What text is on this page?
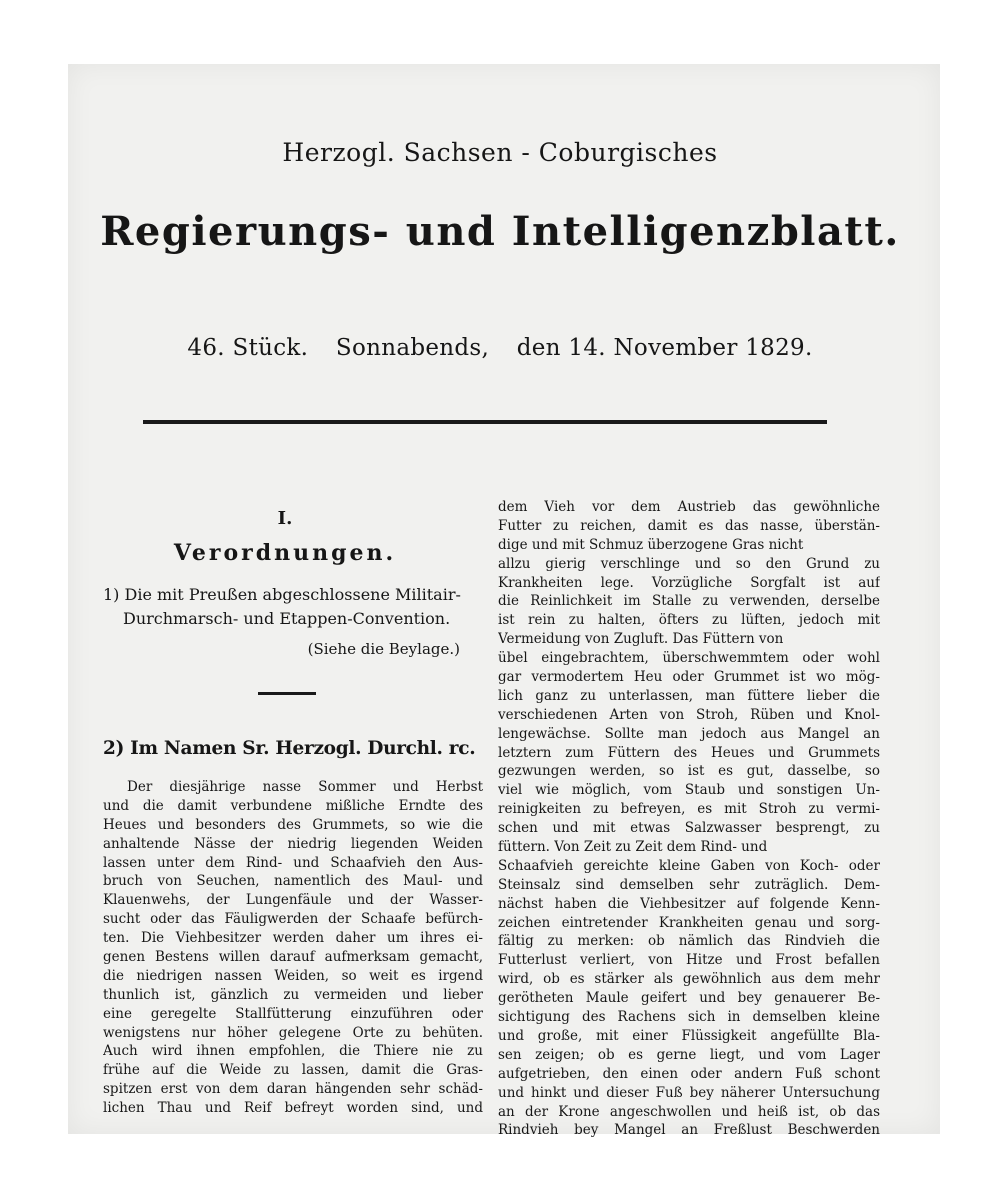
Herzogl. Sachsen - Coburgisches
Regierungs- und Intelligenzblatt.
46. Stück. Sonnabends, den 14. November 1829.
I.
Verordnungen.
1) Die mit Preußen abgeschlossene Militair-
Durchmarsch- und Etappen-Convention.
(Siehe die Beylage.)
2) Im Namen Sr. Herzogl. Durchl. rc.
Der diesjährige nasse Sommer und Herbst
und die damit verbundene mißliche Erndte des
Heues und besonders des Grummets, so wie die
anhaltende Nässe der niedrig liegenden Weiden
lassen unter dem Rind- und Schaafvieh den Aus-
bruch von Seuchen, namentlich des Maul- und
Klauenwehs, der Lungenfäule und der Wasser-
sucht oder das Fäuligwerden der Schaafe befürch-
ten. Die Viehbesitzer werden daher um ihres ei-
genen Bestens willen darauf aufmerksam gemacht,
die niedrigen nassen Weiden, so weit es irgend
thunlich ist, gänzlich zu vermeiden und lieber
eine geregelte Stallfütterung einzuführen oder
wenigstens nur höher gelegene Orte zu behüten.
Auch wird ihnen empfohlen, die Thiere nie zu
frühe auf die Weide zu lassen, damit die Gras-
spitzen erst von dem daran hängenden sehr schäd-
lichen Thau und Reif befreyt worden sind, und
dem Vieh vor dem Austrieb das gewöhnliche
Futter zu reichen, damit es das nasse, überstän-
dige und mit Schmuz überzogene Gras nicht
allzu gierig verschlinge und so den Grund zu
Krankheiten lege. Vorzügliche Sorgfalt ist auf
die Reinlichkeit im Stalle zu verwenden, derselbe
ist rein zu halten, öfters zu lüften, jedoch mit
Vermeidung von Zugluft. Das Füttern von
übel eingebrachtem, überschwemmtem oder wohl
gar vermodertem Heu oder Grummet ist wo mög-
lich ganz zu unterlassen, man füttere lieber die
verschiedenen Arten von Stroh, Rüben und Knol-
lengewächse. Sollte man jedoch aus Mangel an
letztern zum Füttern des Heues und Grummets
gezwungen werden, so ist es gut, dasselbe, so
viel wie möglich, vom Staub und sonstigen Un-
reinigkeiten zu befreyen, es mit Stroh zu vermi-
schen und mit etwas Salzwasser besprengt, zu
füttern. Von Zeit zu Zeit dem Rind- und
Schaafvieh gereichte kleine Gaben von Koch- oder
Steinsalz sind demselben sehr zuträglich. Dem-
nächst haben die Viehbesitzer auf folgende Kenn-
zeichen eintretender Krankheiten genau und sorg-
fältig zu merken: ob nämlich das Rindvieh die
Futterlust verliert, von Hitze und Frost befallen
wird, ob es stärker als gewöhnlich aus dem mehr
gerötheten Maule geifert und bey genauerer Be-
sichtigung des Rachens sich in demselben kleine
und große, mit einer Flüssigkeit angefüllte Bla-
sen zeigen; ob es gerne liegt, und vom Lager
aufgetrieben, den einen oder andern Fuß schont
und hinkt und dieser Fuß bey näherer Untersuchung
an der Krone angeschwollen und heiß ist, ob das
Rindvieh bey Mangel an Freßlust Beschwerden
